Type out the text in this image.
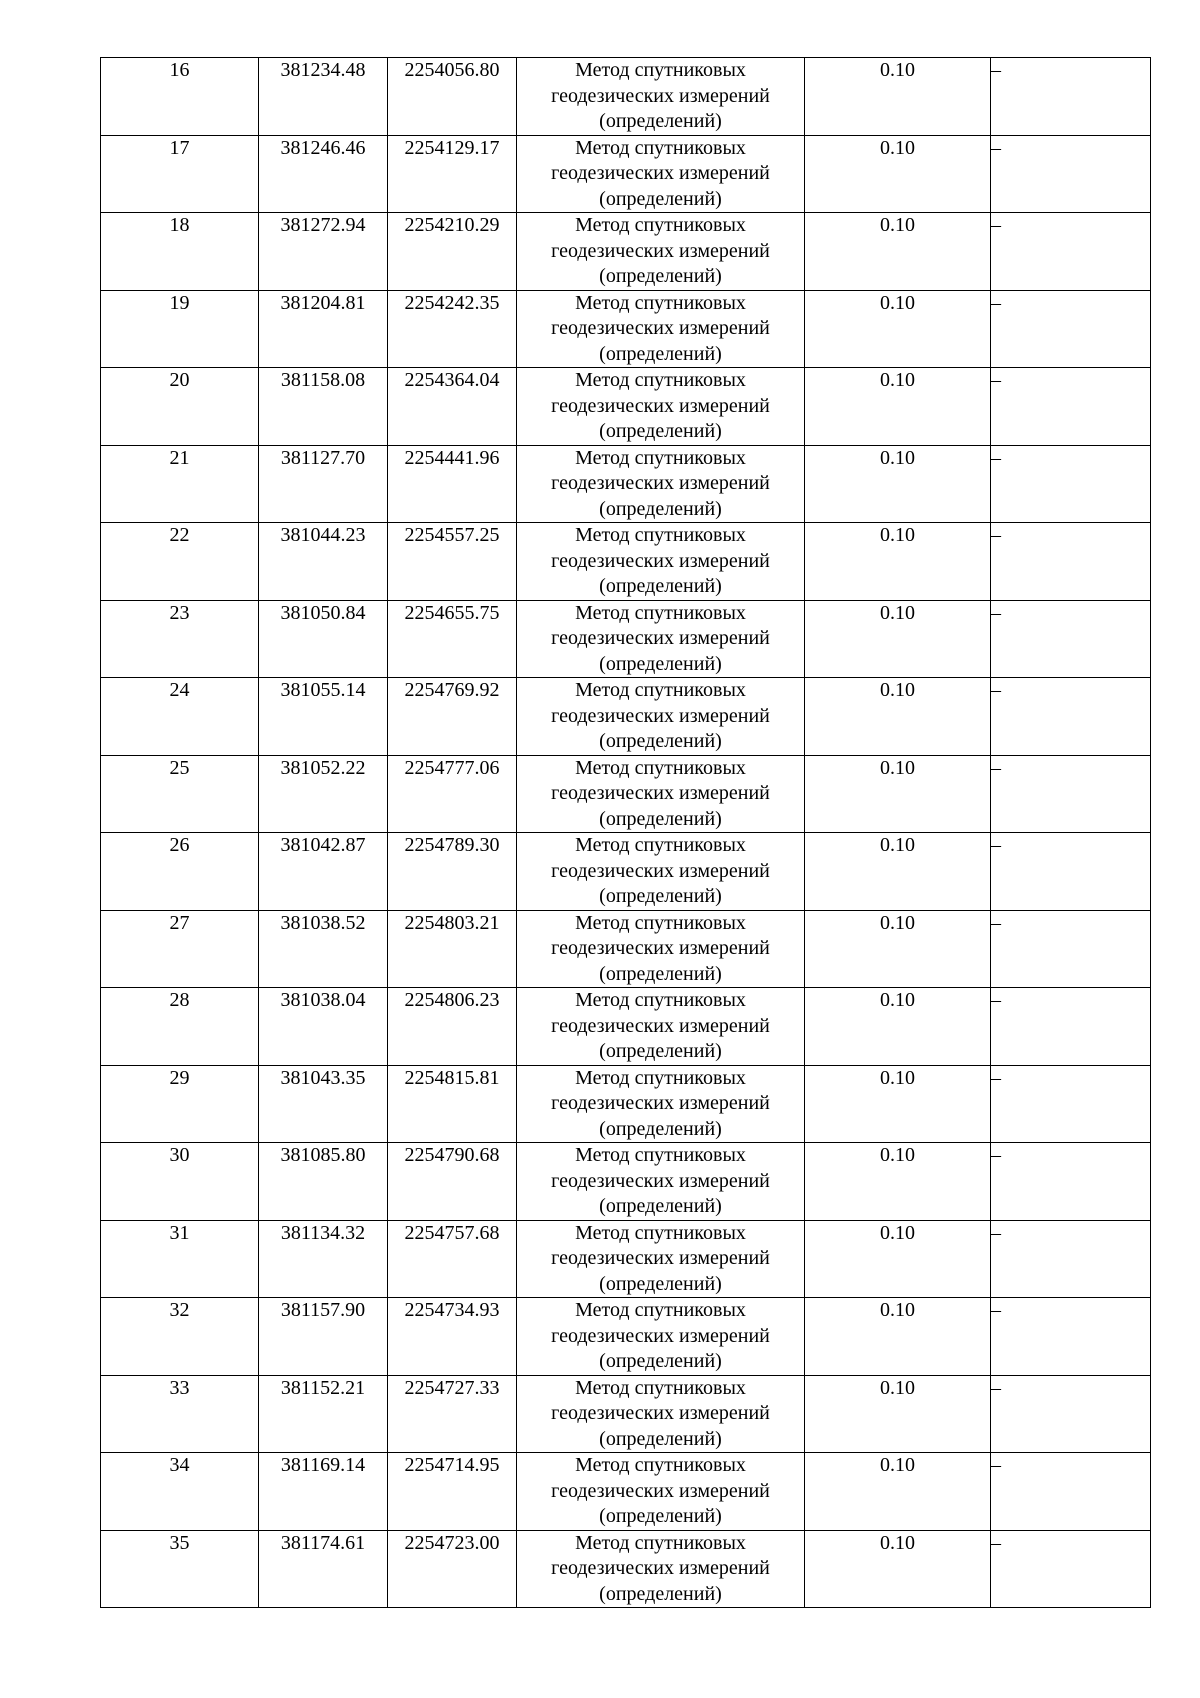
16	381234.48	2254056.80	Метод спутниковых
геодезических измерений
(определений)	0.10	–
17	381246.46	2254129.17	Метод спутниковых
геодезических измерений
(определений)	0.10	–
18	381272.94	2254210.29	Метод спутниковых
геодезических измерений
(определений)	0.10	–
19	381204.81	2254242.35	Метод спутниковых
геодезических измерений
(определений)	0.10	–
20	381158.08	2254364.04	Метод спутниковых
геодезических измерений
(определений)	0.10	–
21	381127.70	2254441.96	Метод спутниковых
геодезических измерений
(определений)	0.10	–
22	381044.23	2254557.25	Метод спутниковых
геодезических измерений
(определений)	0.10	–
23	381050.84	2254655.75	Метод спутниковых
геодезических измерений
(определений)	0.10	–
24	381055.14	2254769.92	Метод спутниковых
геодезических измерений
(определений)	0.10	–
25	381052.22	2254777.06	Метод спутниковых
геодезических измерений
(определений)	0.10	–
26	381042.87	2254789.30	Метод спутниковых
геодезических измерений
(определений)	0.10	–
27	381038.52	2254803.21	Метод спутниковых
геодезических измерений
(определений)	0.10	–
28	381038.04	2254806.23	Метод спутниковых
геодезических измерений
(определений)	0.10	–
29	381043.35	2254815.81	Метод спутниковых
геодезических измерений
(определений)	0.10	–
30	381085.80	2254790.68	Метод спутниковых
геодезических измерений
(определений)	0.10	–
31	381134.32	2254757.68	Метод спутниковых
геодезических измерений
(определений)	0.10	–
32	381157.90	2254734.93	Метод спутниковых
геодезических измерений
(определений)	0.10	–
33	381152.21	2254727.33	Метод спутниковых
геодезических измерений
(определений)	0.10	–
34	381169.14	2254714.95	Метод спутниковых
геодезических измерений
(определений)	0.10	–
35	381174.61	2254723.00	Метод спутниковых
геодезических измерений
(определений)	0.10	–
